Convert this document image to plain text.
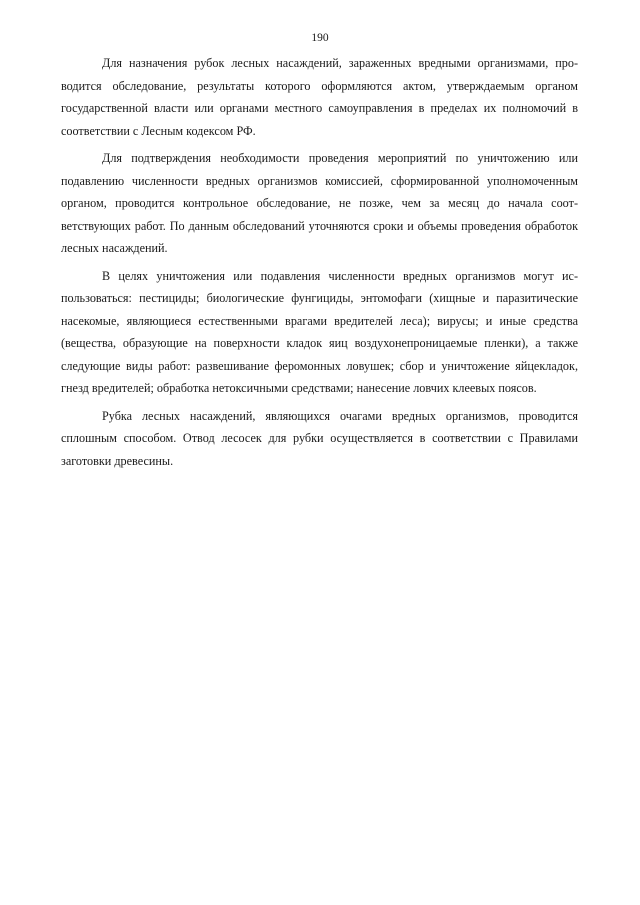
190

Для назначения рубок лесных насаждений, зараженных вредными организмами, проводится обследование, результаты которого оформляются актом, утверждаемым органом государственной власти или органами местного самоуправления в пределах их полномочий в соответствии с Лесным кодексом РФ.

Для подтверждения необходимости проведения мероприятий по уничтожению или подавлению численности вредных организмов комиссией, сформированной уполномоченным органом, проводится контрольное обследование, не позже, чем за месяц до начала соответствующих работ. По данным обследований уточняются сроки и объемы проведения обработок лесных насаждений.

В целях уничтожения или подавления численности вредных организмов могут использоваться: пестициды; биологические фунгициды, энтомофаги (хищные и паразитические насекомые, являющиеся естественными врагами вредителей леса); вирусы; и иные средства (вещества, образующие на поверхности кладок яиц воздухонепроницаемые пленки), а также следующие виды работ: развешивание феромонных ловушек; сбор и уничтожение яйцекладок, гнезд вредителей; обработка нетоксичными средствами; нанесение ловчих клеевых поясов.

Рубка лесных насаждений, являющихся очагами вредных организмов, проводится сплошным способом. Отвод лесосек для рубки осуществляется в соответствии с Правилами заготовки древесины.
